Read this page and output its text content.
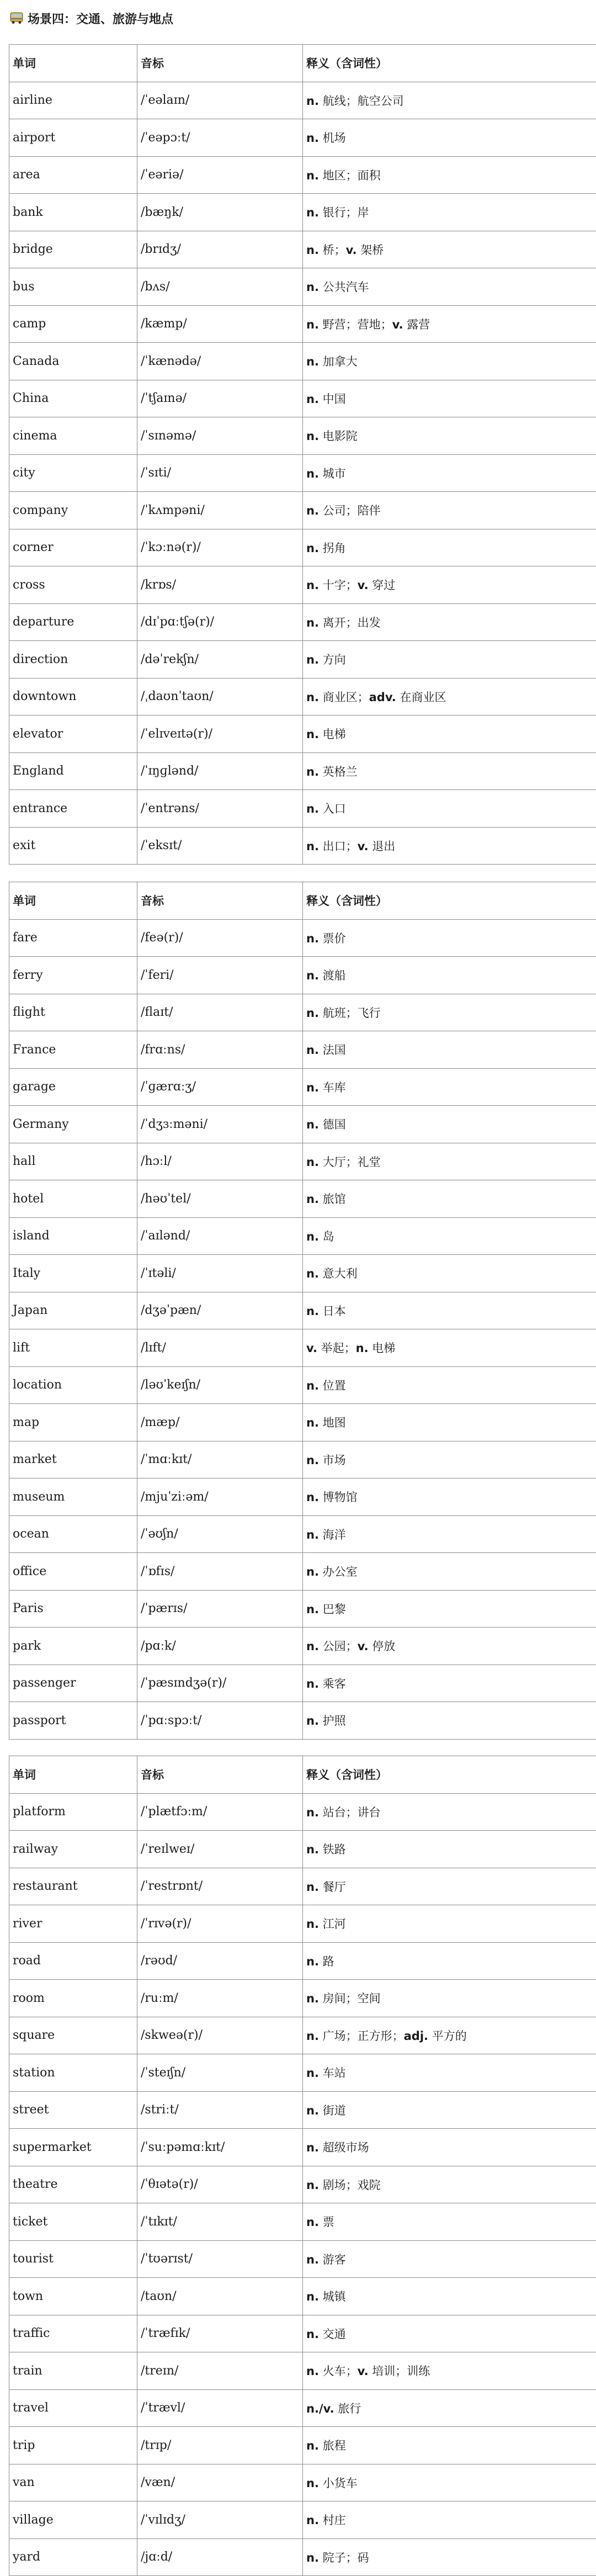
场景四：交通、旅游与地点
单词	音标	释义（含词性）
airline	/ˈeəlaɪn/	n. 航线；航空公司
airport	/ˈeəpɔːt/	n. 机场
area	/ˈeəriə/	n. 地区；面积
bank	/bæŋk/	n. 银行；岸
bridge	/brɪdʒ/	n. 桥；v. 架桥
bus	/bʌs/	n. 公共汽车
camp	/kæmp/	n. 野营；营地；v. 露营
Canada	/ˈkænədə/	n. 加拿大
China	/ˈtʃaɪnə/	n. 中国
cinema	/ˈsɪnəmə/	n. 电影院
city	/ˈsɪti/	n. 城市
company	/ˈkʌmpəni/	n. 公司；陪伴
corner	/ˈkɔːnə(r)/	n. 拐角
cross	/krɒs/	n. 十字；v. 穿过
departure	/dɪˈpɑːtʃə(r)/	n. 离开；出发
direction	/dəˈrekʃn/	n. 方向
downtown	/ˌdaʊnˈtaʊn/	n. 商业区；adv. 在商业区
elevator	/ˈelɪveɪtə(r)/	n. 电梯
England	/ˈɪŋɡlənd/	n. 英格兰
entrance	/ˈentrəns/	n. 入口
exit	/ˈeksɪt/	n. 出口；v. 退出
单词	音标	释义（含词性）
fare	/feə(r)/	n. 票价
ferry	/ˈferi/	n. 渡船
flight	/flaɪt/	n. 航班；飞行
France	/frɑːns/	n. 法国
garage	/ˈɡærɑːʒ/	n. 车库
Germany	/ˈdʒɜːməni/	n. 德国
hall	/hɔːl/	n. 大厅；礼堂
hotel	/həʊˈtel/	n. 旅馆
island	/ˈaɪlənd/	n. 岛
Italy	/ˈɪtəli/	n. 意大利
Japan	/dʒəˈpæn/	n. 日本
lift	/lɪft/	v. 举起；n. 电梯
location	/ləʊˈkeɪʃn/	n. 位置
map	/mæp/	n. 地图
market	/ˈmɑːkɪt/	n. 市场
museum	/mjuˈziːəm/	n. 博物馆
ocean	/ˈəʊʃn/	n. 海洋
office	/ˈɒfɪs/	n. 办公室
Paris	/ˈpærɪs/	n. 巴黎
park	/pɑːk/	n. 公园；v. 停放
passenger	/ˈpæsɪndʒə(r)/	n. 乘客
passport	/ˈpɑːspɔːt/	n. 护照
单词	音标	释义（含词性）
platform	/ˈplætfɔːm/	n. 站台；讲台
railway	/ˈreɪlweɪ/	n. 铁路
restaurant	/ˈrestrɒnt/	n. 餐厅
river	/ˈrɪvə(r)/	n. 江河
road	/rəʊd/	n. 路
room	/ruːm/	n. 房间；空间
square	/skweə(r)/	n. 广场；正方形；adj. 平方的
station	/ˈsteɪʃn/	n. 车站
street	/striːt/	n. 街道
supermarket	/ˈsuːpəmɑːkɪt/	n. 超级市场
theatre	/ˈθɪətə(r)/	n. 剧场；戏院
ticket	/ˈtɪkɪt/	n. 票
tourist	/ˈtʊərɪst/	n. 游客
town	/taʊn/	n. 城镇
traffic	/ˈtræfɪk/	n. 交通
train	/treɪn/	n. 火车；v. 培训；训练
travel	/ˈtrævl/	n./v. 旅行
trip	/trɪp/	n. 旅程
van	/væn/	n. 小货车
village	/ˈvɪlɪdʒ/	n. 村庄
yard	/jɑːd/	n. 院子；码
